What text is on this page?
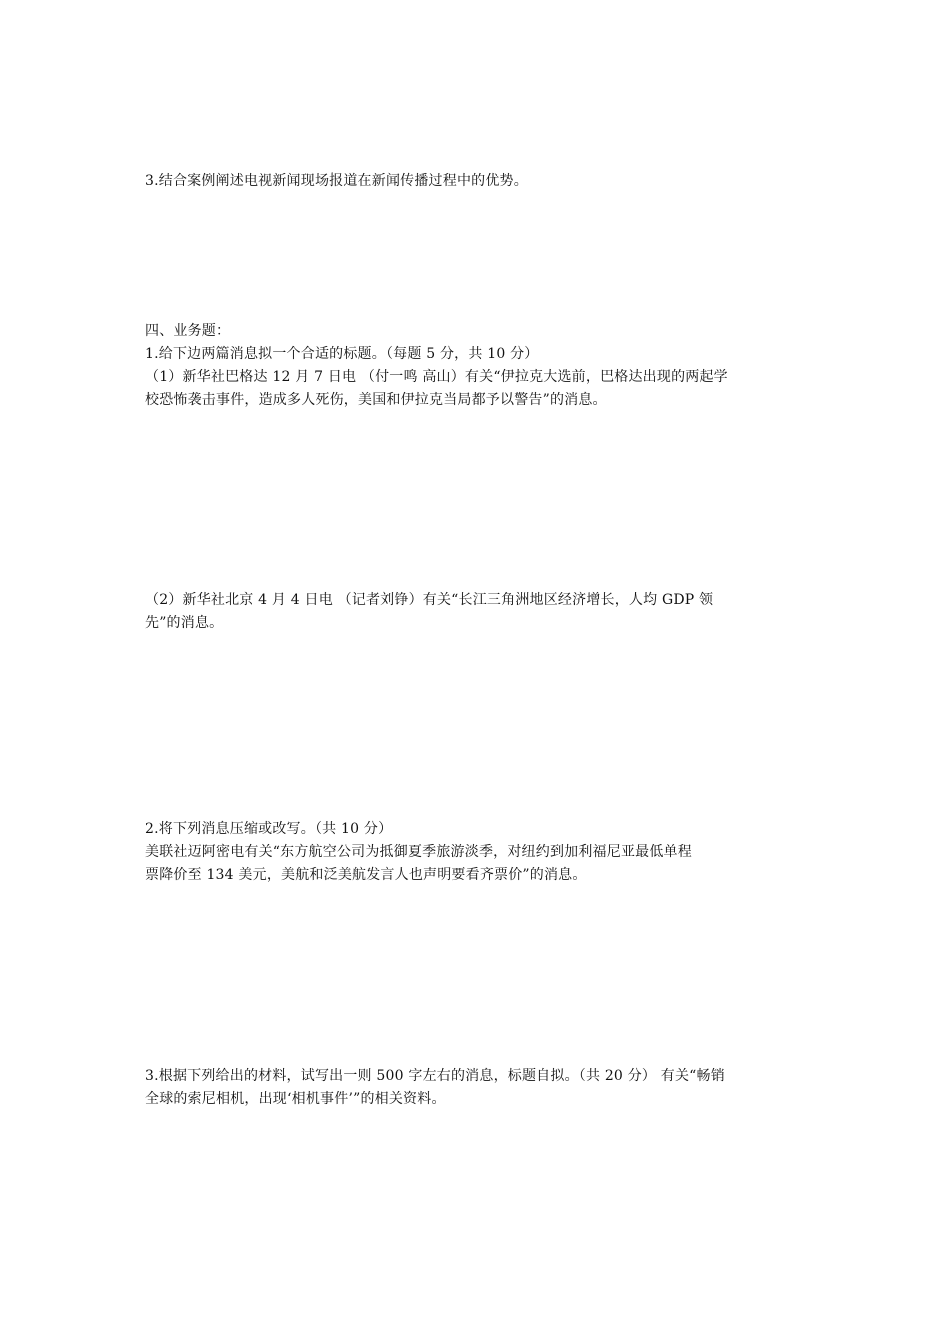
3.结合案例阐述电视新闻现场报道在新闻传播过程中的优势。
四、业务题：
1.给下边两篇消息拟一个合适的标题。（每题 5 分，共 10 分）
（1）新华社巴格达 12 月 7 日电 （付一鸣 高山）有关“伊拉克大选前，巴格达出现的两起学
校恐怖袭击事件，造成多人死伤，美国和伊拉克当局都予以警告”的消息。
（2）新华社北京 4 月 4 日电 （记者刘铮）有关“长江三角洲地区经济增长，人均 GDP 领
先”的消息。
2.将下列消息压缩或改写。（共 10 分）
美联社迈阿密电有关“东方航空公司为抵御夏季旅游淡季，对纽约到加利福尼亚最低单程
票降价至 134 美元，美航和泛美航发言人也声明要看齐票价”的消息。
3.根据下列给出的材料，试写出一则 500 字左右的消息，标题自拟。（共 20 分） 有关“畅销
全球的索尼相机，出现‘相机事件’”的相关资料。
